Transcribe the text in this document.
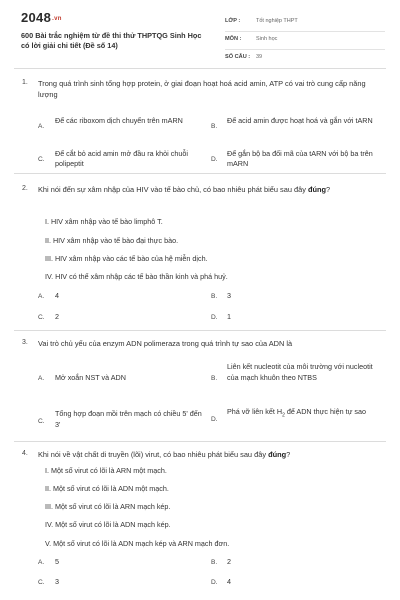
2048.vn
600 Bài trắc nghiệm từ đề thi thử THPTQG Sinh Học có lời giải chi tiết (Đề số 14)
LỚP :	Tốt nghiệp THPT
MÔN :	Sinh học
SỐ CÂU : 39
1. Trong quá trình sinh tổng hợp protein, ở giai đoạn hoạt hoá acid amin, ATP có vai trò cung cấp năng lượng
A.
Để các riboxom dịch chuyển trên mARN
B.
Để acid amin được hoạt hoá và gắn với tARN
C.
Để cắt bỏ acid amin mở đầu ra khỏi chuỗi polipeptit	D.
Để gắn bộ ba đối mã của tARN với bộ ba trên mARN
2. Khi nói đến sự xâm nhập của HIV vào tế bào chủ, có bao nhiêu phát biểu sau đây đúng?
I. HIV xâm nhập vào tế bào limphô T.
II. HIV xâm nhập vào tế bào đại thực bào.
III. HIV xâm nhập vào các tế bào của hệ miễn dịch.
IV. HIV có thể xâm nhập các tế bào thần kinh và phá huỷ.
A. 4	B. 3
C. 2	D. 1
3. Vai trò chủ yếu của enzym ADN polimeraza trong quá trình tự sao của ADN là
A. Mở xoắn NST và ADN	B.
Liên kết nucleotit của môi trường với nucleotit của mạch khuôn theo NTBS
C.
Tổng hợp đoạn mồi trên mạch có chiều 5' đến 3'
D.
Phá vỡ liên kết $H_2$ để ADN thực hiện tự sao
4. Khi nói về vật chất di truyền (lõi) virut, có bao nhiêu phát biểu sau đây đúng?
I. Một số virut có lõi là ARN một mạch.
II. Một số virut có lõi là ADN một mạch.
III. Một số virut có lõi là ARN mạch kép.
IV. Một số virut có lõi là ADN mạch kép.
V. Một số virut có lõi là ADN mạch kép và ARN mạch đơn.
A. 5	B. 2
C. 3	D. 4
